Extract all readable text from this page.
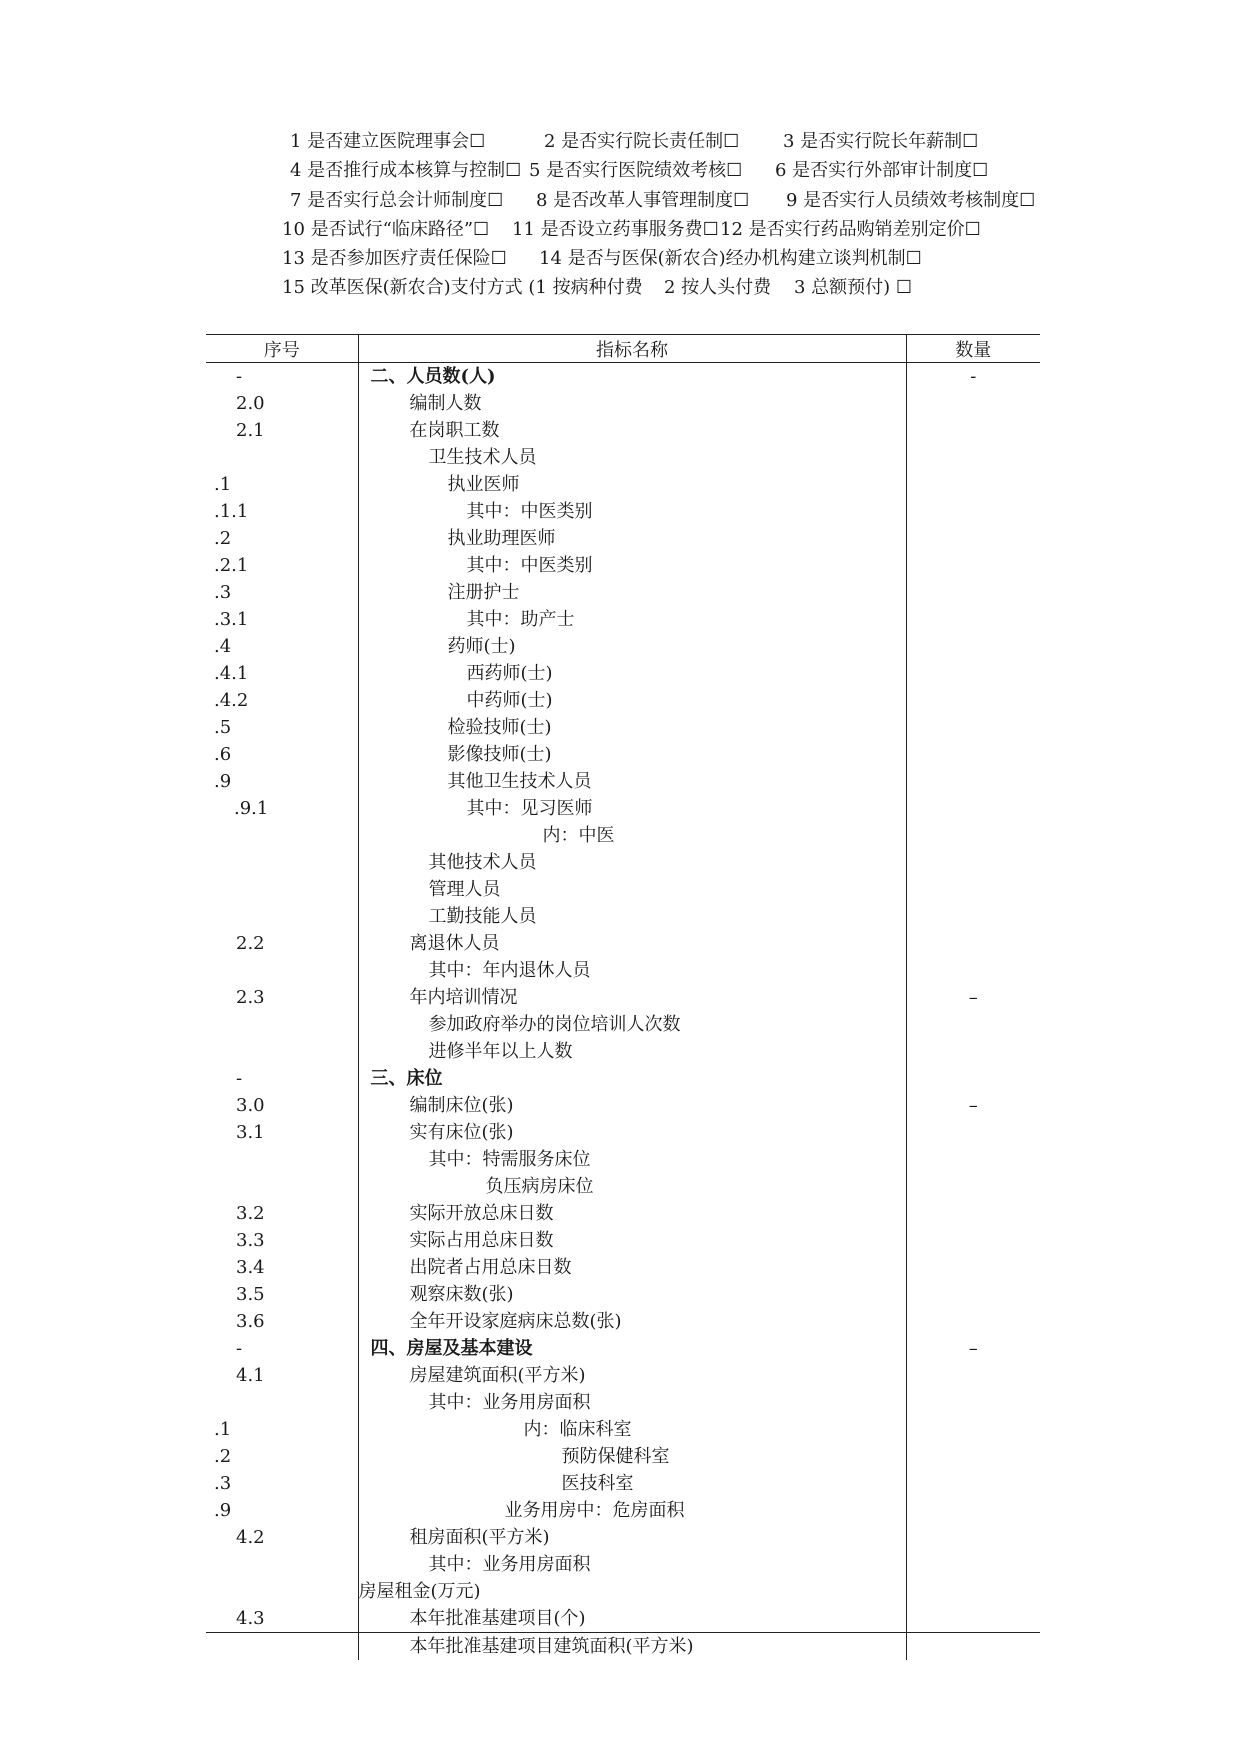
1 是否建立医院理事会☐	2 是否实行院长责任制☐ 3 是否实行院长年薪制☐
4 是否推行成本核算与控制☐ 5 是否实行医院绩效考核☐ 6 是否实行外部审计制度☐
7 是否实行总会计师制度☐ 8 是否改革人事管理制度☐ 9 是否实行人员绩效考核制度☐
10 是否试行“临床路径”☐ 11 是否设立药事服务费☐12 是否实行药品购销差别定价☐
13 是否参加医疗责任保险☐ 14 是否与医保(新农合)经办机构建立谈判机制☐
15 改革医保(新农合)支付方式 (1 按病种付费 2 按人头付费 3 总额预付) ☐
序号	指标名称	数量
-	二、人员数(人)	-
2.0	编制人数	
2.1	在岗职工数	
	卫生技术人员	
.1	执业医师	
.1.1	其中：中医类别	
.2	执业助理医师	
.2.1	其中：中医类别	
.3	注册护士	
.3.1	其中：助产士	
.4	药师(士)	
.4.1	西药师(士)	
.4.2	中药师(士)	
.5	检验技师(士)	
.6	影像技师(士)	
.9	其他卫生技术人员	
.9.1	其中：见习医师	
	内：中医	
	其他技术人员	
	管理人员	
	工勤技能人员	
2.2	离退休人员	
	其中：年内退休人员	
2.3	年内培训情况	–
	参加政府举办的岗位培训人次数	
	进修半年以上人数	
-	三、床位	
3.0	编制床位(张)	–
3.1	实有床位(张)	
	其中：特需服务床位	
	负压病房床位	
3.2	实际开放总床日数	
3.3	实际占用总床日数	
3.4	出院者占用总床日数	
3.5	观察床数(张)	
3.6	全年开设家庭病床总数(张)	
-	四、房屋及基本建设	–
4.1	房屋建筑面积(平方米)	
	其中：业务用房面积	
.1	内：临床科室	
.2	预防保健科室	
.3	医技科室	
.9	业务用房中：危房面积	
4.2	租房面积(平方米)	
	其中：业务用房面积	
	房屋租金(万元)	
4.3	本年批准基建项目(个)	
	本年批准基建项目建筑面积(平方米)	
